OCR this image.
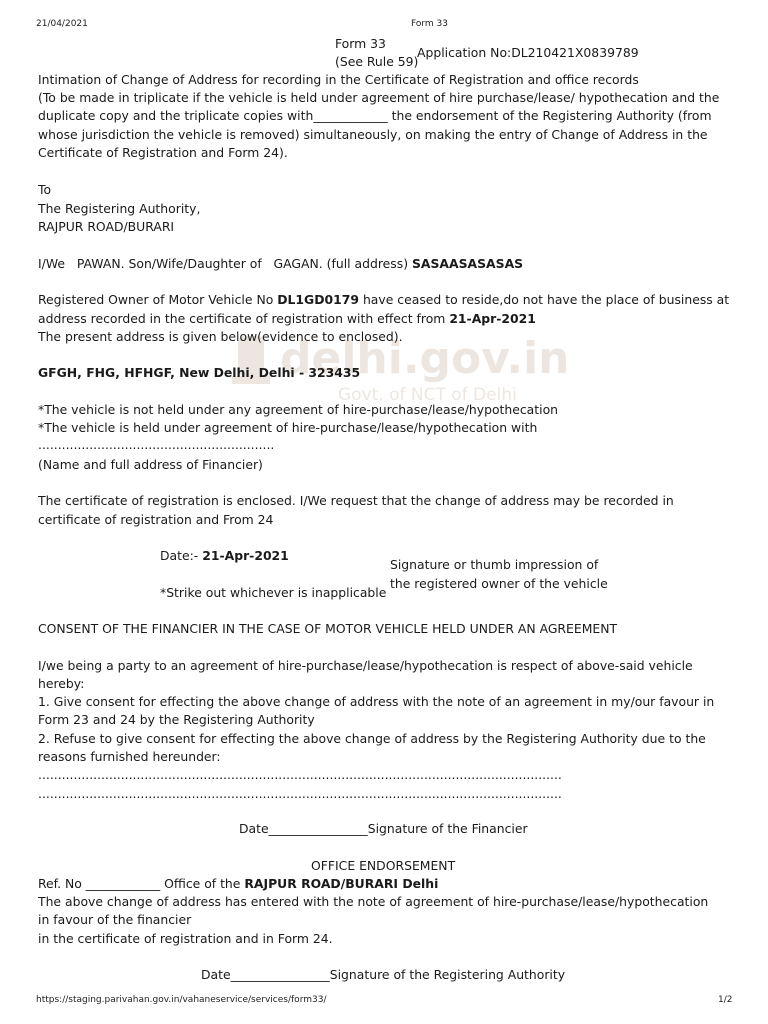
21/04/2021	Form 33
delhi.gov.in
Govt. of NCT of Delhi
Form 33
(See Rule 59)
Application No:DL210421X0839789
Intimation of Change of Address for recording in the Certificate of Registration and office records
(To be made in triplicate if the vehicle is held under agreement of hire purchase/lease/ hypothecation and the duplicate copy and the triplicate copies with____________ the endorsement of the Registering Authority (from whose jurisdiction the vehicle is removed) simultaneously, on making the entry of Change of Address in the Certificate of Registration and Form 24).
To
The Registering Authority,
RAJPUR ROAD/BURARI
I/We PAWAN. Son/Wife/Daughter of GAGAN. (full address) SASAASASASAS
Registered Owner of Motor Vehicle No DL1GD0179 have ceased to reside,do not have the place of business at
address recorded in the certificate of registration with effect from 21-Apr-2021
The present address is given below(evidence to enclosed).
GFGH, FHG, HFHGF, New Delhi, Delhi - 323435
*The vehicle is not held under any agreement of hire-purchase/lease/hypothecation
*The vehicle is held under agreement of hire-purchase/lease/hypothecation with
............................................................
(Name and full address of Financier)
The certificate of registration is enclosed. I/We request that the change of address may be recorded in
certificate of registration and From 24
Date:- 21-Apr-2021
Signature or thumb impression of
the registered owner of the vehicle
*Strike out whichever is inapplicable
CONSENT OF THE FINANCIER IN THE CASE OF MOTOR VEHICLE HELD UNDER AN AGREEMENT
I/we being a party to an agreement of hire-purchase/lease/hypothecation is respect of above-said vehicle
hereby:
1. Give consent for effecting the above change of address with the note of an agreement in my/our favour in
Form 23 and 24 by the Registering Authority
2. Refuse to give consent for effecting the above change of address by the Registering Authority due to the
reasons furnished hereunder:
.....................................................................................................................................
.....................................................................................................................................
Date________________Signature of the Financier
OFFICE ENDORSEMENT
Ref. No ____________ Office of the RAJPUR ROAD/BURARI Delhi
The above change of address has entered with the note of agreement of hire-purchase/lease/hypothecation
in favour of the financier
in the certificate of registration and in Form 24.
Date________________Signature of the Registering Authority
https://staging.parivahan.gov.in/vahaneservice/services/form33/	1/2
